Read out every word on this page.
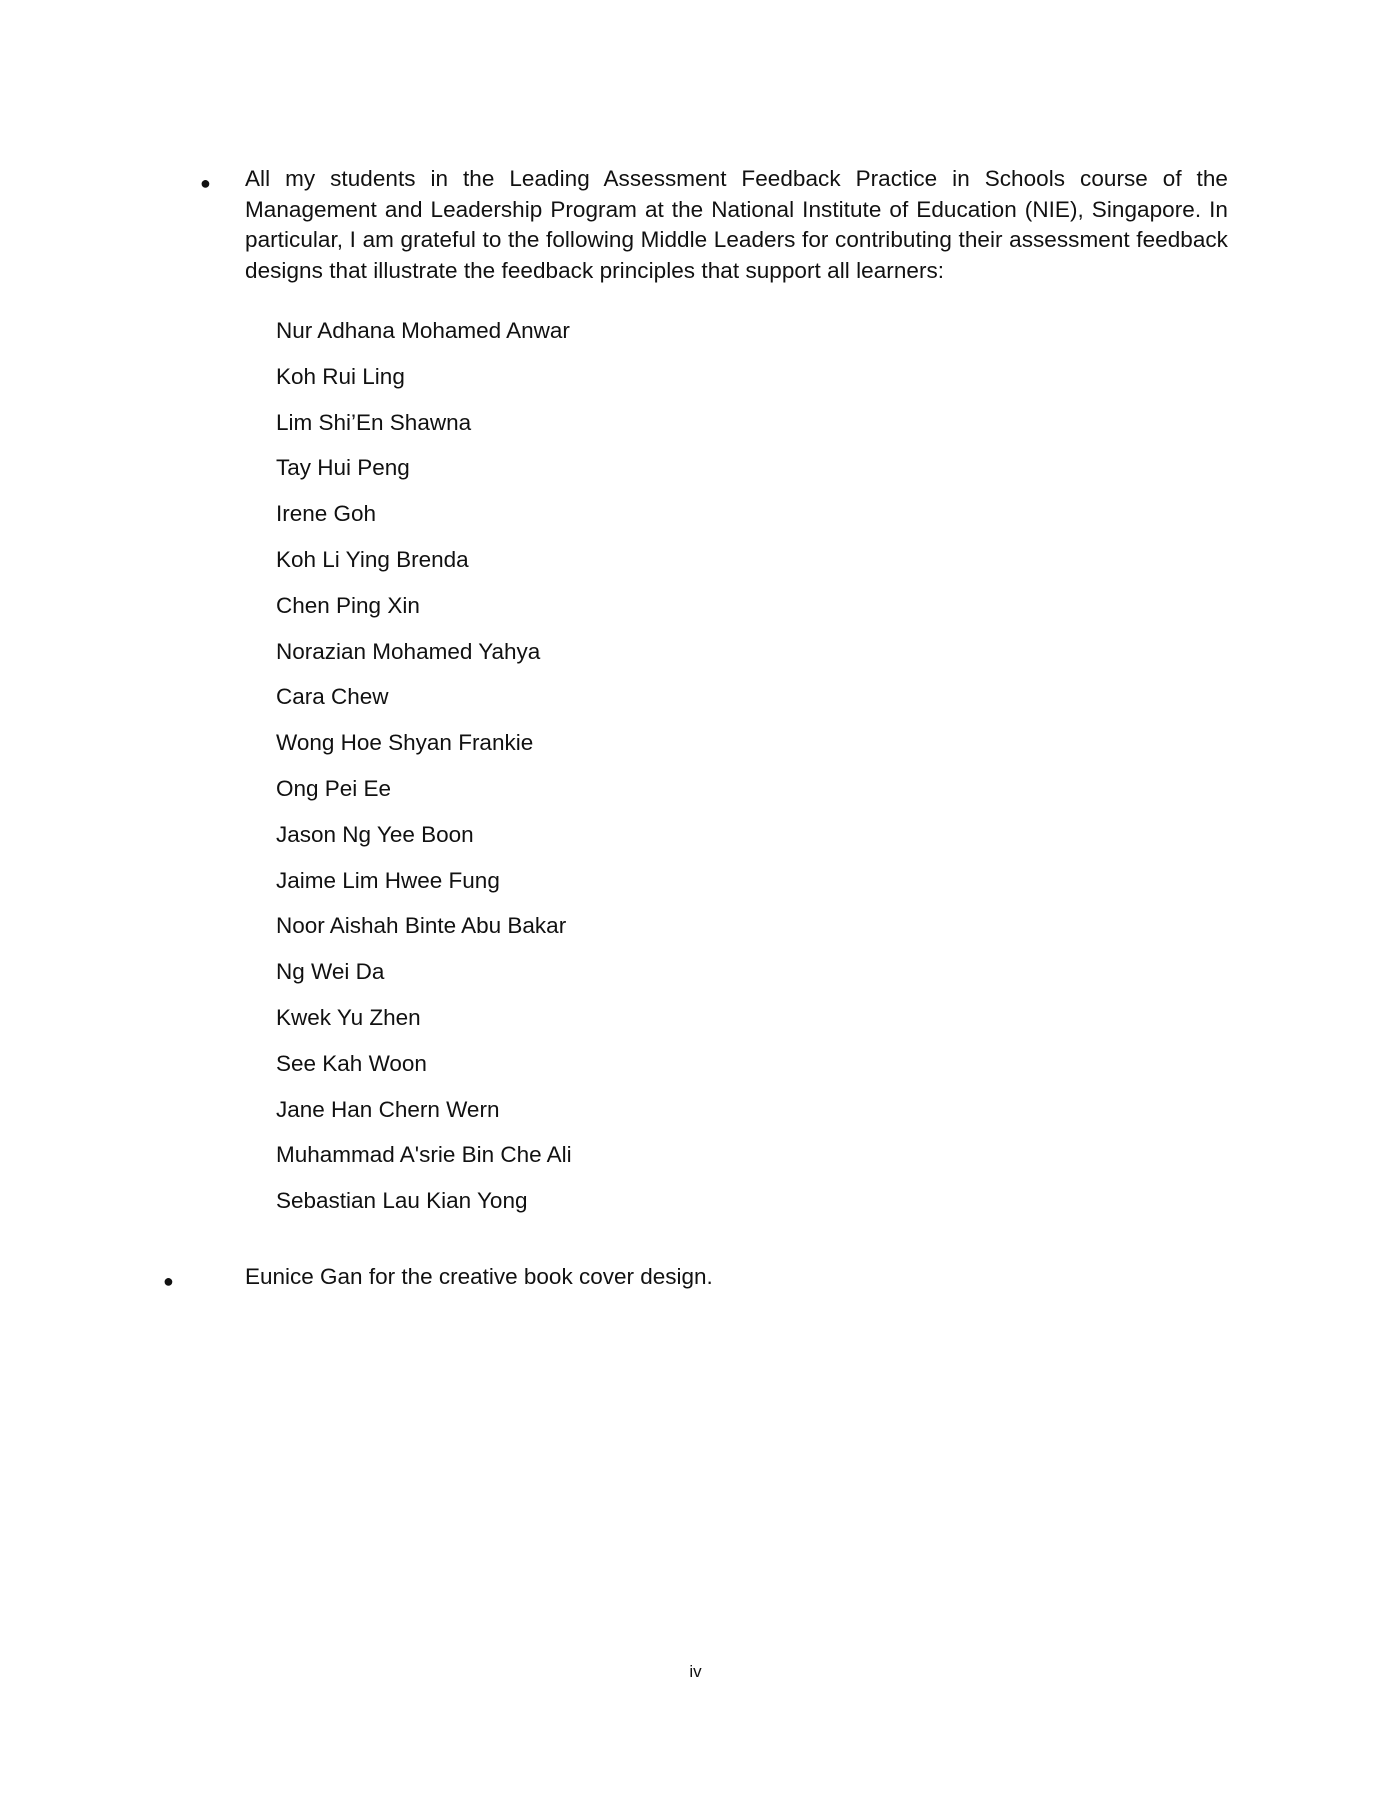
● All my students in the Leading Assessment Feedback Practice in Schools course of the Management and Leadership Program at the National Institute of Education (NIE), Singapore. In particular, I am grateful to the following Middle Leaders for contributing their assessment feedback designs that illustrate the feedback principles that support all learners:

Nur Adhana Mohamed Anwar
Koh Rui Ling
Lim Shi’En Shawna
Tay Hui Peng
Irene Goh
Koh Li Ying Brenda
Chen Ping Xin
Norazian Mohamed Yahya
Cara Chew
Wong Hoe Shyan Frankie
Ong Pei Ee
Jason Ng Yee Boon
Jaime Lim Hwee Fung
Noor Aishah Binte Abu Bakar
Ng Wei Da
Kwek Yu Zhen
See Kah Woon
Jane Han Chern Wern
Muhammad A'srie Bin Che Ali
Sebastian Lau Kian Yong
●	Eunice Gan for the creative book cover design.

iv
